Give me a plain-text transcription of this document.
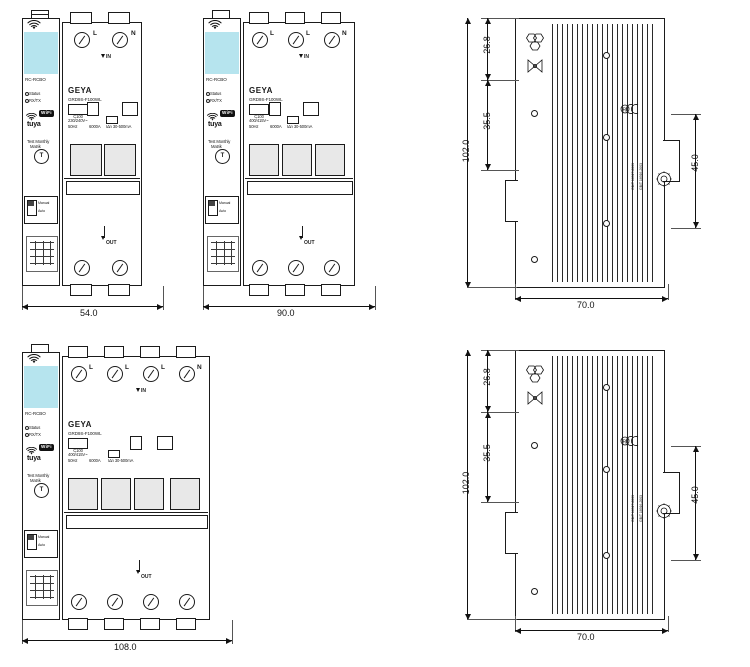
RC-RCBO
Status
RX/TX
WiFi
tuya
Test Monthly
Matrik
T
Manual
Auto
L	N
IN
GEYA
GRD9S-F100WL
C100
230/240V~
50Hz	6000A I∆n 30-500mA
OUT
54.0
RC-RCBO
Status
RX/TX
WiFi
tuya
Test Monthly
Matrik
T
Manual
Auto
L	L	N
IN
GEYA
GRD9S-F100WL
C100
400/415V~
50Hz	6000A I∆n 30-500mA
OUT
90.0
RC-RCBO
Status
RX/TX
WiFi
tuya
Test Monthly
Matrik
T
Manual
Auto
L	L	L	N
IN
GEYA
GRD9S-F100WL
C100
400/415V~
50Hz	6000A I∆n 30-500mA
OUT
108.0
R
GB/T 16917-2003 GB/T 16916-2003
26.8
35.5
102.0
45.0
70.0
R
GB/T 16917-2003 GB/T 16916-2003
26.8
35.5
102.0
45.0
70.0
